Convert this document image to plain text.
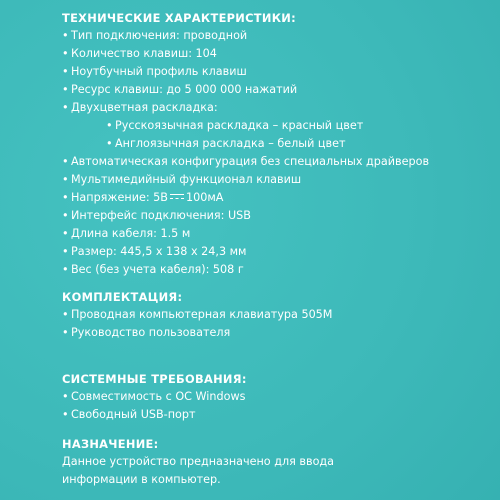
ТЕХНИЧЕСКИЕ ХАРАКТЕРИСТИКИ:
• Тип подключения: проводной
• Количество клавиш: 104
• Ноутбучный профиль клавиш
• Ресурс клавиш: до 5 000 000 нажатий
• Двухцветная раскладка:
• Русскоязычная раскладка – красный цвет
• Англоязычная раскладка – белый цвет
• Автоматическая конфигурация без специальных драйверов
• Мультимедийный функционал клавиш
• Напряжение: 5В 100мА
• Интерфейс подключения: USB
• Длина кабеля: 1.5 м
• Размер: 445,5 x 138 x 24,3 мм
• Вес (без учета кабеля): 508 г
КОМПЛЕКТАЦИЯ:
• Проводная компьютерная клавиатура 505М
• Руководство пользователя
СИСТЕМНЫЕ ТРЕБОВАНИЯ:
• Совместимость с ОС Windows
• Свободный USB-порт
НАЗНАЧЕНИЕ:
Данное устройство предназначено для ввода
информации в компьютер.
